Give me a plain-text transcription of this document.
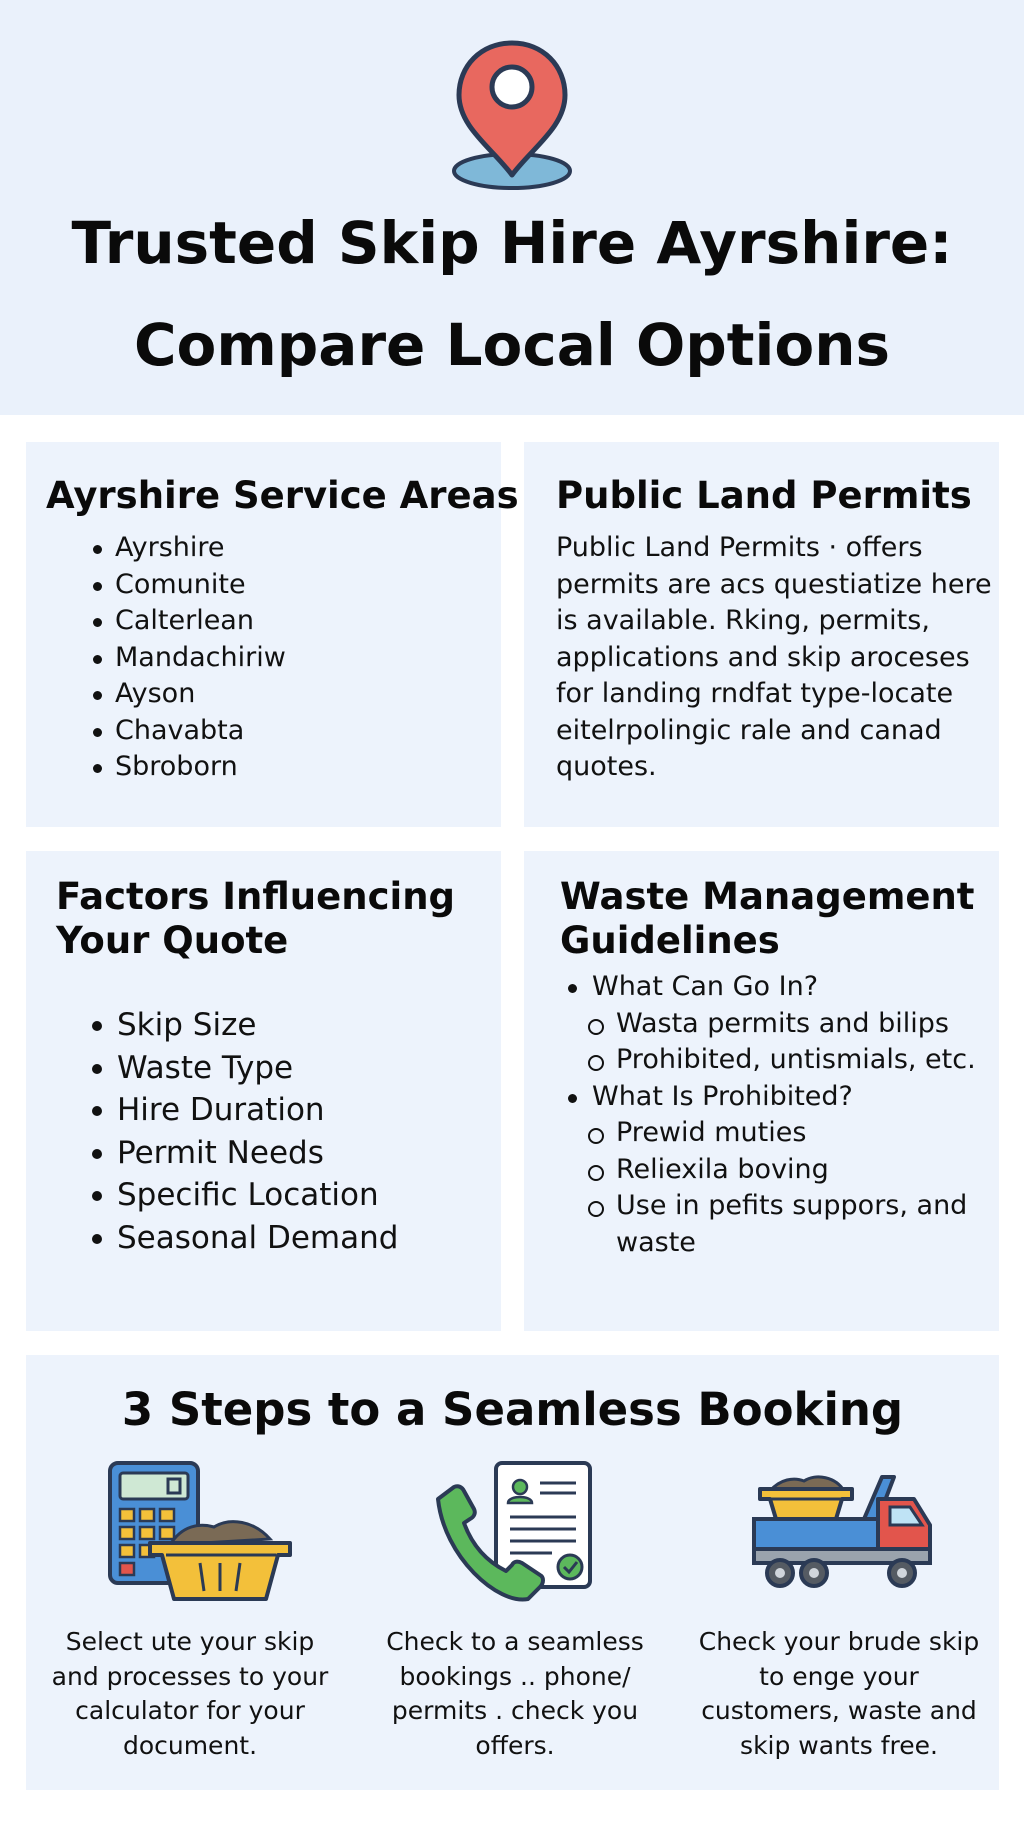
Trusted Skip Hire Ayrshire:
Compare Local Options
Ayrshire Service Areas
Ayrshire
Comunite
Calterlean
Mandachiriw
Ayson
Chavabta
Sbroborn
Public Land Permits

Public Land Permits · offers permits are acs questiatize here is available. Rking, permits, applications and skip aroceses for landing rndfat type-locate eitelrpolingic rale and canad quotes.

Factors Influencing Your Quote
Skip Size
Waste Type
Hire Duration
Permit Needs
Specific Location
Seasonal Demand
Waste Management Guidelines
What Can Go In?
Wasta permits and bilips
Prohibited, untismials, etc.
What Is Prohibited?
Prewid muties
Reliexila boving
Use in pefits suppors, and waste
3 Steps to a Seamless Booking
Select ute your skip and processes to your calculator for your document.
Check to a seamless bookings .. phone/ permits . check you offers.
Check your brude skip to enge your customers, waste and skip wants free.
